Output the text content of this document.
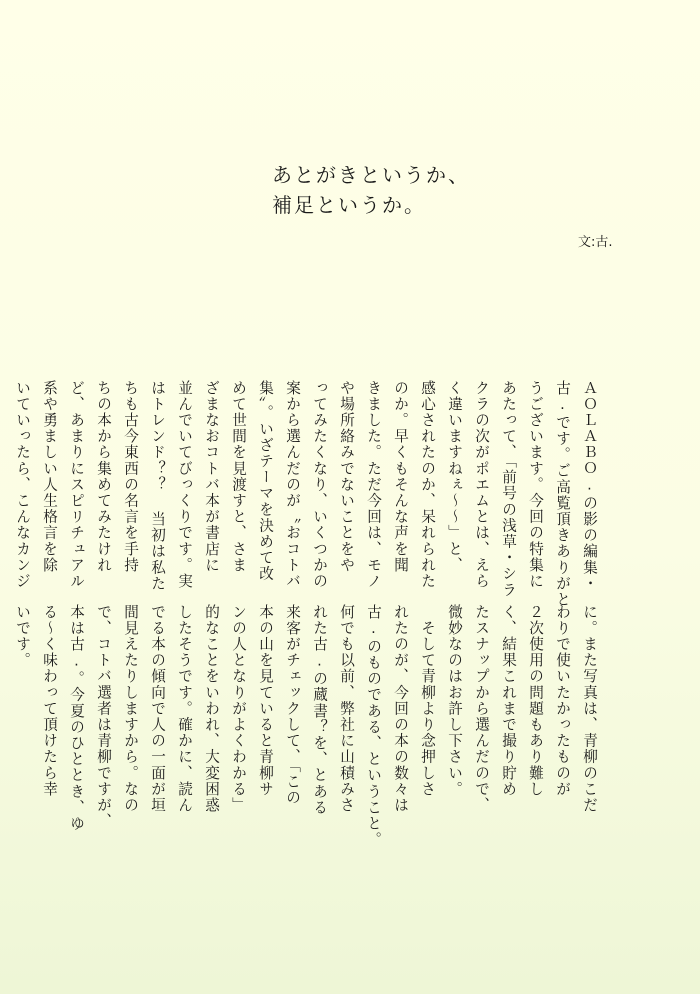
あとがきというか、
補足というか。
文:古.

ＡＯＬＡＢＯ.の影の編集・
古.です。ご高覧頂きありがと
うございます。今回の特集に
あたって、「前号の浅草・シラ
クラの次がポエムとは、えら
く違いますねぇ〜〜」と、
感心されたのか、呆れられた
のか。早くもそんな声を聞
きました。ただ今回は、モノ
や場所絡みでないことをや
ってみたくなり、いくつかの
案から選んだのが〝おコトバ
集〟。いざテーマを決めて改
めて世間を見渡すと、さま
ざまなおコトバ本が書店に
並んでいてびっくりです。実
はトレンド？？ 当初は私た
ちも古今東西の名言を手持
ちの本から集めてみたけれ
ど、あまりにスピリチュアル
系や勇ましい人生格言を除
いていったら、こんなカンジ

に。また写真は、青柳のこだ
わりで使いたかったものが
２次使用の問題もあり難し
く、結果これまで撮り貯め
たスナップから選んだので、
微妙なのはお許し下さい。
　そして青柳より念押しさ
れたのが、今回の本の数々は
古.のものである、ということ。
何でも以前、弊社に山積みさ
れた古.の蔵書？を、とある
来客がチェックして、「この
本の山を見ていると青柳サ
ンの人となりがよくわかる」
的なことをいわれ、大変困惑
したそうです。確かに、読ん
でる本の傾向で人の一面が垣
間見えたりしますから。なの
で、コトバ選者は青柳ですが、
本は古.。今夏のひととき、ゆ
る〜く味わって頂けたら幸
いです。
